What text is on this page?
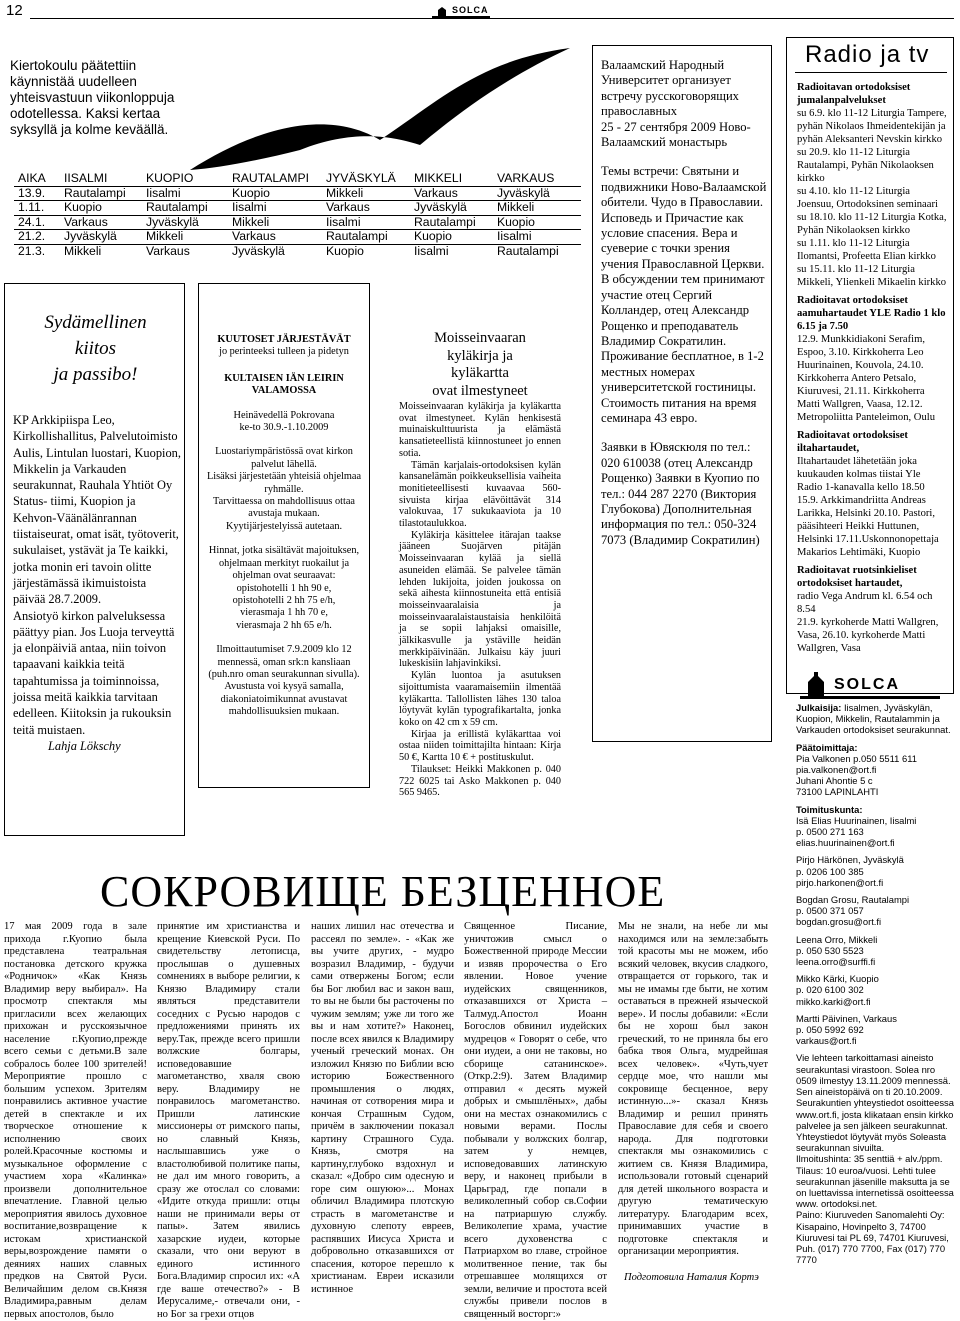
12	SOLCA
Kiertokoulu päätettiin käynnistää uudelleen yhteisvastuun viikonloppuja odotellessa. Kaksi kertaa syksyllä ja kolme keväällä.
AIKA	IISALMI	KUOPIO	RAUTALAMPI	JYVÄSKYLÄ	MIKKELI	VARKAUS
13.9.	Rautalampi	Iisalmi	Kuopio	Mikkeli	Varkaus	Jyväskylä
1.11.	Kuopio	Rautalampi	Iisalmi	Varkaus	Jyväskylä	Mikkeli
24.1.	Varkaus	Jyväskylä	Mikkeli	Iisalmi	Rautalampi	Kuopio
21.2.	Jyväskylä	Mikkeli	Varkaus	Rautalampi	Kuopio	Iisalmi
21.3.	Mikkeli	Varkaus	Jyväskylä	Kuopio	Iisalmi	Rautalampi
Sydämellinen
kiitos
ja passibo!
KP Arkkipiispa Leo, Kirkollishallitus, Palvelutoimisto Aulis, Lintulan luostari, Kuopion, Mikkelin ja Varkauden seurakunnat, Rauhala Yhtiöt Oy Status- tiimi, Kuopion ja Kehvon-Väänälänrannan tiistaiseurat, omat isät, työtoverit, sukulaiset, ystävät ja Te kaikki, jotka monin eri tavoin olitte järjestämässä ikimuistoista päivää 28.7.2009.
Ansiotyö kirkon palveluksessa päättyy pian. Jos Luoja terveyttä ja elonpäiviä antaa, niin toivon tapaavani kaikkia teitä tapahtumissa ja toiminnoissa, joissa meitä kaikkia tarvitaan edelleen. Kiitoksin ja rukouksin teitä muistaen.
Lahja Lökschy
KUUTOSET JÄRJESTÄVÄT
jo perinteeksi tulleen ja pidetyn
KULTAISEN IÄN LEIRIN
VALAMOSSA
Heinävedellä Pokrovana
ke-to 30.9.-1.10.2009
Luostariympäristössä ovat kirkon palvelut lähellä.
Lisäksi järjestetään yhteisiä ohjelmaa ryhmälle.
Tarvittaessa on mahdollisuus ottaa avustaja mukaan.
Kyytijärjestelyissä autetaan.
Hinnat, jotka sisältävät majoituksen, ohjelmaan merkityt ruokailut ja ohjelman ovat seuraavat:
opistohotelli 1 hh 90 e,
opistohotelli 2 hh 75 e/h,
vierasmaja 1 hh 70 e,
vierasmaja 2 hh 65 e/h.
Ilmoittautumiset 7.9.2009 klo 12 mennessä, oman srk:n kansliaan (puh.nro oman seurakunnan sivulla).
Avustusta voi kysyä samalla, diakoniatoimikunnat avustavat mahdollisuuksien mukaan.
Moisseinvaaran
kyläkirja ja
kyläkartta
ovat ilmestyneet

Moisseinvaaran kyläkirja ja kyläkartta ovat ilmestyneet. Kylän henkisestä muinaiskulttuurista ja elämästä kansatieteellistä kiinnostuneet jo ennen sotia.

Tämän karjalais-ortodoksisen kylän kansanelämän poikkeuksellisia vaiheita monitieteellisesti kuvaavaa 560-sivuista kirjaa elävöittävät 314 valokuvaa, 17 sukukaaviota ja 10 tilastotaulukkoa.

Kyläkirja käsittelee itärajan taakse jääneen Suojärven pitäjän Moisseinvaaran kylää ja siellä asuneiden elämää. Se palvelee tämän lehden lukijoita, joiden joukossa on sekä aihesta kiinnostuneita että entisiä moisseinvaaralaisia ja moisseinvaaralaistaustaisia henkilöitä ja se sopii lahjaksi omaisille, jälkikasvulle ja ystäville heidän merkkipäivinään. Julkaisu käy juuri lukeskisiin lahjavinkiksi.

Kylän luontoa ja asutuksen sijoittumista vaaramaisemiin ilmentää kyläkartta. Tallollisten lähes 130 taloa löytyvät kylän typografikartalta, jonka koko on 42 cm x 59 cm.

Kirjaa ja erillistä kyläkarttaa voi ostaa niiden toimittajilta hintaan: Kirja 50 €, Kartta 10 € + postituskulut.

Tilaukset: Heikki Makkonen p. 040 722 6025 tai Asko Makkonen p. 040 565 9465.

Валаамский Народный Университет организует встречу русскоговорящих православных
25 - 27 сентября 2009 Ново-Валаамский монастырь
Темы встречи: Святыни и подвижники Ново-Валаамской обители. Чудо в Православии. Исповедь и Причастие как условие спасения. Вера и суеверие с точки зрения учения Православной Церкви.
В обсуждении тем принимают участие отец Сергий Колландер, отец Александр Рощенко и преподаватель Владимир Сократилин.
Проживание бесплатное, в 1-2 местных номерах университетской гостиницы. Стоимость питания на время семинара 43 евро.
Заявки в Ювяскюля по тел.: 020 610038 (отец Александр Рощенко) Заявки в Куопио по тел.: 044 287 2270 (Виктория Глубокова) Дополнительная информация по тел.: 050-324 7073 (Владимир Сократилин)
Radio ja tv

Radioitavan ortodoksiset jumalanpalvelukset

su 6.9. klo 11-12 Liturgia Tampere, pyhän Nikolaos Ihmeidentekijän ja pyhän Aleksanteri Nevskin kirkko

su 20.9. klo 11-12 Liturgia Rautalampi, Pyhän Nikolaoksen kirkko

su 4.10. klo 11-12 Liturgia Joensuu, Ortodoksinen seminaari

su 18.10. klo 11-12 Liturgia Kotka, Pyhän Nikolaoksen kirkko

su 1.11. klo 11-12 Liturgia Ilomantsi, Profeetta Elian kirkko

su 15.11. klo 11-12 Liturgia Mikkeli, Ylienkeli Mikaelin kirkko

Radioitavat ortodoksiset aamuhartaudet YLE Radio 1 klo 6.15 ja 7.50

12.9. Munkkidiakoni Serafim, Espoo, 3.10. Kirkkoherra Leo Huurinainen, Kouvola, 24.10. Kirkkoherra Antero Petsalo, Kiuruvesi, 21.11. Kirkkoherra Matti Wallgren, Vaasa, 12.12. Metropoliitta Panteleimon, Oulu

Radioitavat ortodoksiset iltahartaudet,

Iltahartaudet lähetetään joka kuukauden kolmas tiistai Yle Radio 1-kanavalla kello 18.50

15.9. Arkkimandriitta Andreas Larikka, Helsinki 20.10. Pastori, pääsihteeri Heikki Huttunen, Helsinki 17.11.Uskonnonopettaja Makarios Lehtimäki, Kuopio

Radioitavat ruotsinkieliset ortodoksiset hartaudet,

radio Vega Andrum kl. 6.54 och 8.54

21.9. kyrkoherde Matti Wallgren, Vasa, 26.10. kyrkoherde Matti Wallgren, Vasa

SOLCA

Julkaisija: Iisalmen, Jyväskylän, Kuopion, Mikkelin, Rautalammin ja Varkauden ortodoksiset seurakunnat.

Päätoimittaja:

Pia Valkonen p.050 5511 611

pia.valkonen@ort.fi

Juhani Ahontie 5 c

73100 LAPINLAHTI

Toimituskunta:

Isä Elias Huurinainen, Iisalmi

p. 0500 271 163

elias.huurinainen@ort.fi

Pirjo Härkönen, Jyväskylä

p. 0206 100 385

pirjo.harkonen@ort.fi

Bogdan Grosu, Rautalampi

p. 0500 371 057

bogdan.grosu@ort.fi

Leena Orro, Mikkeli

p. 050 530 5523

leena.orro@surffi.fi

Mikko Kärki, Kuopio

p. 020 6100 302

mikko.karki@ort.fi

Martti Päivinen, Varkaus

p. 050 5992 692

varkaus@ort.fi

Vie lehteen tarkoittamasi aineisto seurakuntasi virastoon. Solea nro 0509 ilmestyy 13.11.2009 mennessä. Sen aineistopäivä on ti 20.10.2009. Seurakuntien yhteystiedot osoitteessa www.ort.fi, josta klikataan ensin kirkko palvelee ja sen jälkeen seurakunnat. Yhteystiedot löytyvät myös Soleasta seurakunnan sivuilta.

Ilmoitushinta: 35 senttiä + alv./ppm. Tilaus: 10 euroa/vuosi. Lehti tulee seurakunnan jäsenille maksutta ja se on luettavissa internetissä osoitteessa www. ortodoksi.net.

Paino: Kiuruveden Sanomalehti Oy: Kisapaino, Hovinpelto 3, 74700 Kiuruvesi tai PL 69, 74701 Kiuruvesi, Puh. (017) 770 7700, Fax (017) 770 7770

СОКРОВИЩЕ БЕЗЦЕННОЕ
17 мая 2009 года в зале прихода г.Куопио была представлена театральная постановка детского кружка «Родничок» «Как Князь Владимир веру выбирал». На просмотр спектакля мы пригласили всех желающих прихожан и русскоязычное население г.Куопио,прежде всего семьи с детьми.В зале собралось более 100 зрителей!Мероприятие прошло с большим успехом. Зрителям понравились активное участие детей в спектакле и их творческое отношение к исполнению своих ролей.Красочные костюмы и музыкальное оформление с участием хора «Калинка» произвели дополнительное впечатление. Главной целью мероприятия явилось духовное воспитание,возвращение к истокам христианской веры,возрождение памяти о деяниях наших славных предков на Святой Руси. Величайшим делом св.Князя Владимира,равным делам первых апостолов, было
принятие им христианства и крещение Киевской Руси. По свидетельству летописца, прослышав о душевных сомнениях в выборе религии, к Князю Владимиру стали являться представители соседних с Русью народов с предложениями принять их веру.Так, прежде всего пришли волжские болгары, исповедовавшие магометанство, хвaля свою веру. Владимиру не понравилось магометанство. Пришли латинские миссионеры от римского папы, но славный Князь, наслышавшись уже о властолюбивой политике папы, не дал им много говорить, а сразу же отослал со словами: «Идите откуда пришли: отцы наши не принимали веры от папы». Затем явились хазарские иудеи, которые сказали, что они веруют в единого истинного Бога.Владимир спросил их: «А где ваше отечество?» - В Иерусалиме,- отвечали они, - но Бог за грехи отцов
наших лишил нас отечества и рассеял по земле». - «Как же вы учите других, - мудро возразил Владимир, - будучи сами отвержены Богом; если бы Бог любил вас и закон ваш, то вы не были бы расточены по чужим землям; уже ли того же вы и нам хотите?» Наконец, после всех явился к Владимиру ученый греческий монах. Он изложил Князю по Библии всю историю Божественного промышления о людях, начиная от сотворения мира и кончая Страшным Судом, причём в заключении показал картину Страшного Суда. Князь, смотря на картину,глубоко вздохнул и сказал: «Добро сим одесную и горе сим ошуюю»... Монах обличил Владимира плотскую страсть в магометанстве и духовную слепоту евреев, распявших Иисуса Христа и добровольно отказавшихся от спасения, которое перешло к христианам. Евреи исказили истинное
Священное Писание, уничтожив смысл о Божественной природе Мессии и извяв пророчества о Его явлении. Новое учение иудейских священников, отказавшихся от Христа – Талмуд.Апостол Иоанн Богослов обвинил иудейских мудрецов « Говорят о себе, что они иудеи, а они не таковы, но сборище сатанинское».(Откр.2:9). Затем Владимир отправил « десять мужей добрых и смышлёных», дабы они на местах ознакомились с новыми верами. Послы побывали у волжских болгар, затем у немцев, исповедовавших латинскую веру, и наконец прибыли в Царьград, где попали в великолепный собор св.Софии на патриаршую службу. Великолепие храма, участие всего духовенства с Патриархом во главе, стройное молитвенное пение, так бы отрешавшее молящихся от земли, величие и простота всей службы привели послов в священный восторг:»
Мы не знали, на небе ли мы находимся или на земле:забыть той красоты мы не можем, ибо всякий человек, вкусив сладкого, отвращается от горького, так и мы не имамы где быти, не хотим оставаться в прежней языческой вере». И послы добавили: «Если бы не хорош был закон греческий, то не приняла бы его бабка твоя Ольга, мудрейшая всех человек». «Чуть,чует сердце мое, что нашли мы сокровище бесценное, веру истинную...»- сказал Князь Владимир и решил принять Православие для себя и своего народа. Для подготовки спектакля мы ознакомились с житием св. Князя Владимира, использовали готовый сценарий для детей школьного возраста и другую тематическую литературу. Благодарим всех, принимавших участие в подготовке спектакля и организации мероприятия.
Подготовила Наталия Кортэ
